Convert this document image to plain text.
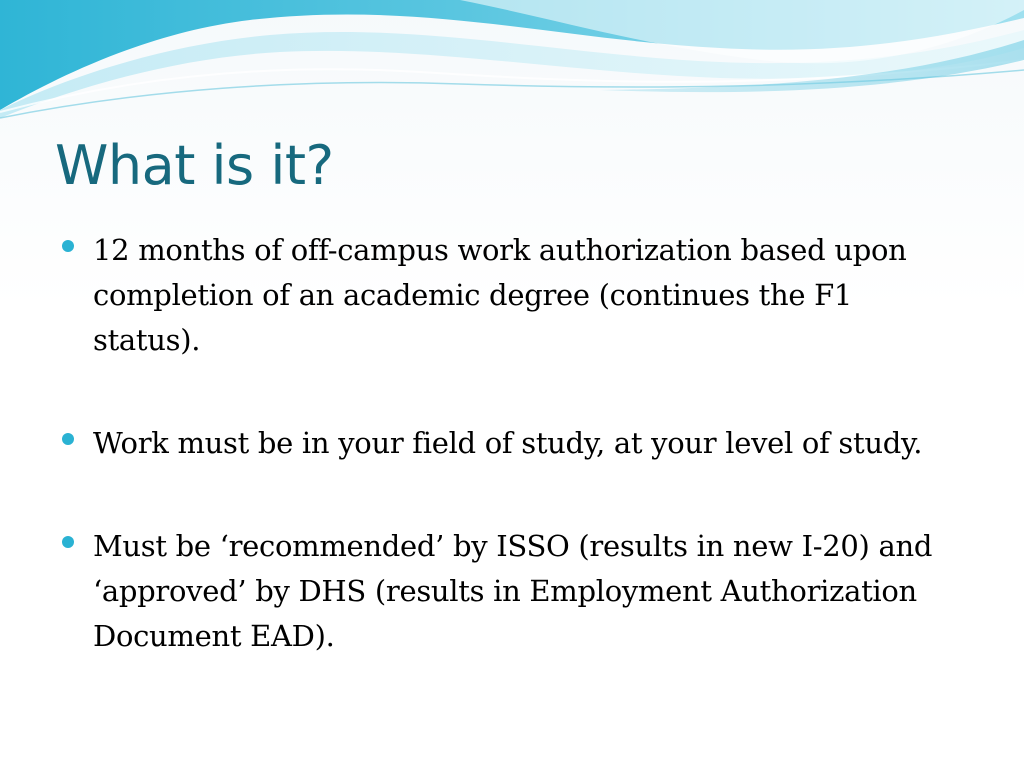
What is it?
12 months of off-campus work authorization based upon completion of an academic degree (continues the F1 status).
Work must be in your field of study, at your level of study.
Must be ‘recommended’ by ISSO (results in new I-20) and ‘approved’ by DHS (results in Employment Authorization Document EAD).
